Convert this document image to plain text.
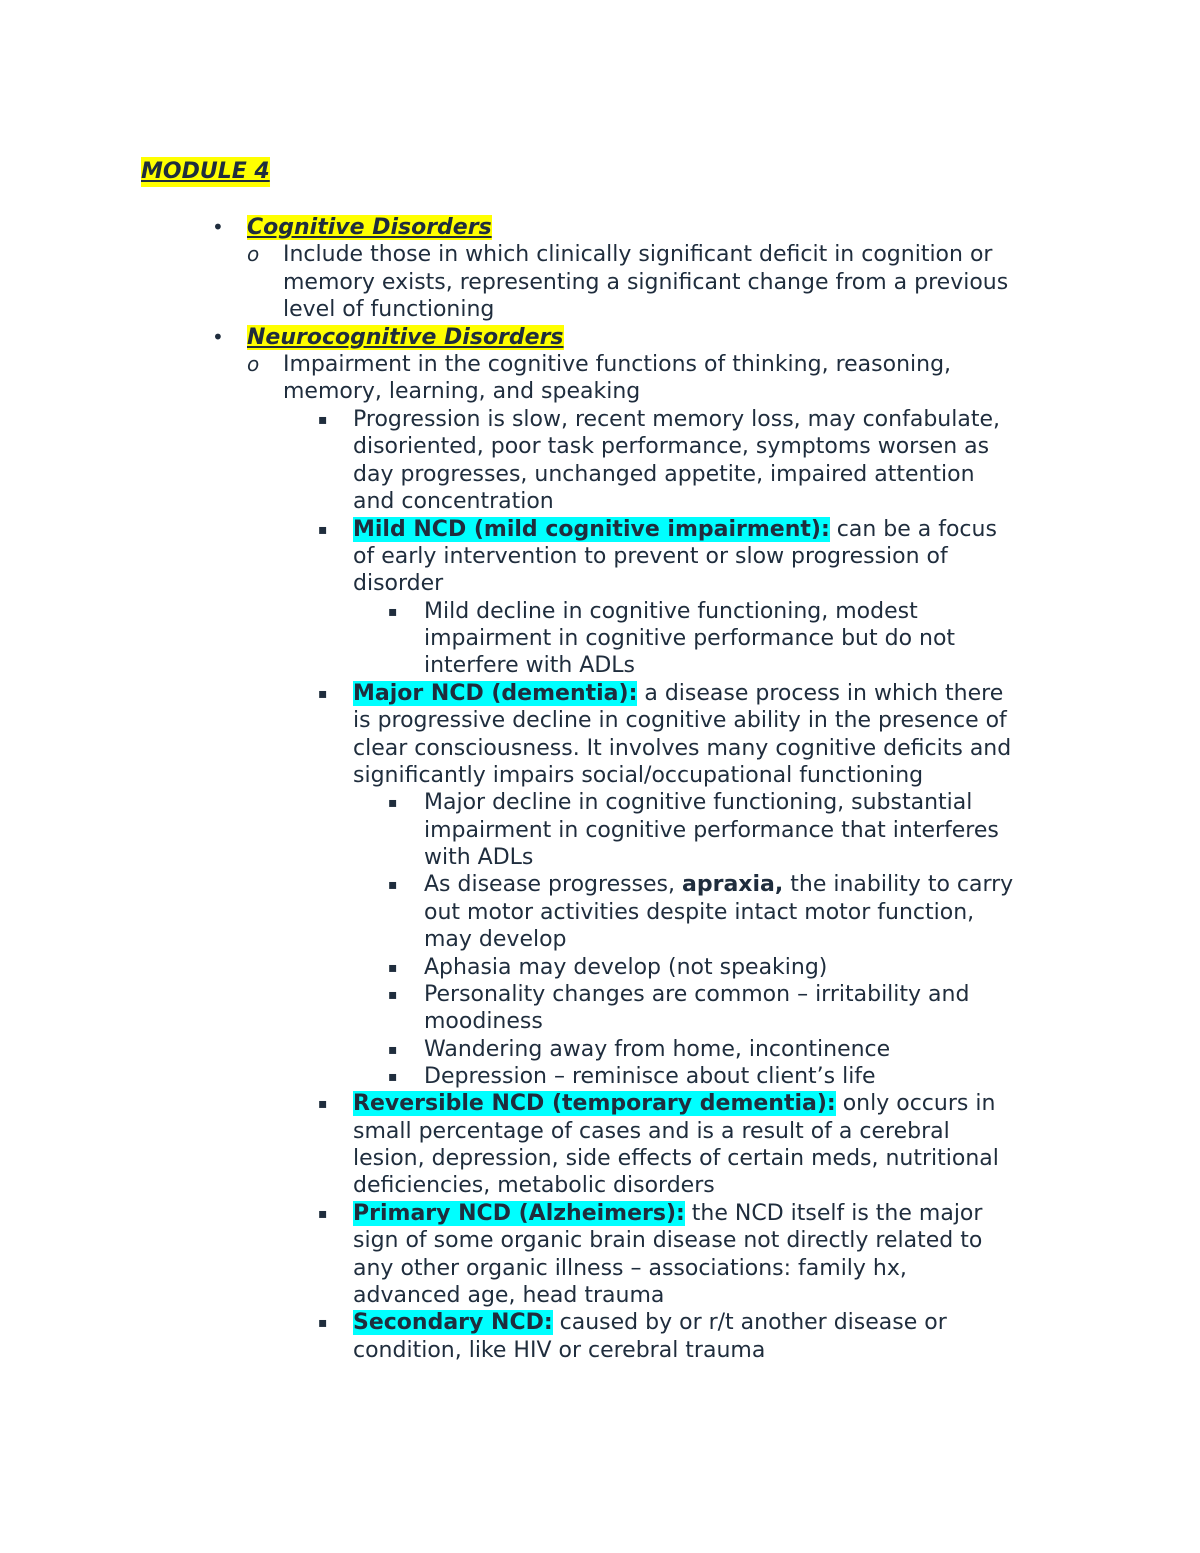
MODULE 4
• Cognitive Disorders
o Include those in which clinically significant deficit in cognition or
memory exists, representing a significant change from a previous
level of functioning
• Neurocognitive Disorders
o Impairment in the cognitive functions of thinking, reasoning,
memory, learning, and speaking
▪ Progression is slow, recent memory loss, may confabulate,
disoriented, poor task performance, symptoms worsen as
day progresses, unchanged appetite, impaired attention
and concentration
▪ Mild NCD (mild cognitive impairment): can be a focus
of early intervention to prevent or slow progression of
disorder
▪ Mild decline in cognitive functioning, modest
impairment in cognitive performance but do not
interfere with ADLs
▪ Major NCD (dementia): a disease process in which there
is progressive decline in cognitive ability in the presence of
clear consciousness. It involves many cognitive deficits and
significantly impairs social/occupational functioning
▪ Major decline in cognitive functioning, substantial
impairment in cognitive performance that interferes
with ADLs
▪ As disease progresses, apraxia, the inability to carry
out motor activities despite intact motor function,
may develop
▪ Aphasia may develop (not speaking)
▪ Personality changes are common – irritability and
moodiness
▪ Wandering away from home, incontinence
▪ Depression – reminisce about client’s life
▪ Reversible NCD (temporary dementia): only occurs in
small percentage of cases and is a result of a cerebral
lesion, depression, side effects of certain meds, nutritional
deficiencies, metabolic disorders
▪ Primary NCD (Alzheimers): the NCD itself is the major
sign of some organic brain disease not directly related to
any other organic illness – associations: family hx,
advanced age, head trauma
▪ Secondary NCD: caused by or r/t another disease or
condition, like HIV or cerebral trauma
